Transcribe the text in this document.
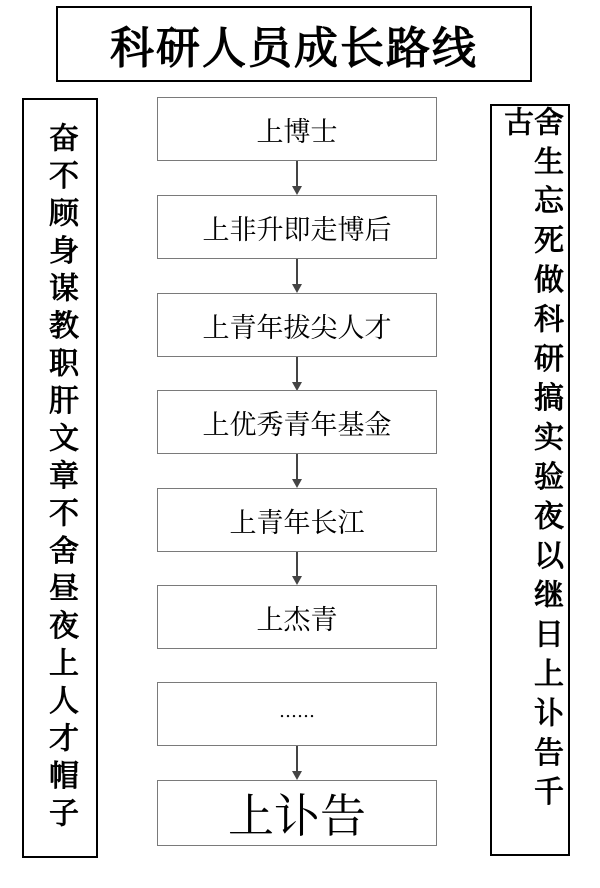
科研人员成长路线
奋不顾身谋教职肝文章不舍昼夜上人才帽子	舍生忘死做科研搞实验夜以继日上讣告千古
上博士
上非升即走博后
上青年拔尖人才
上优秀青年基金
上青年长江
上杰青
……
上讣告
